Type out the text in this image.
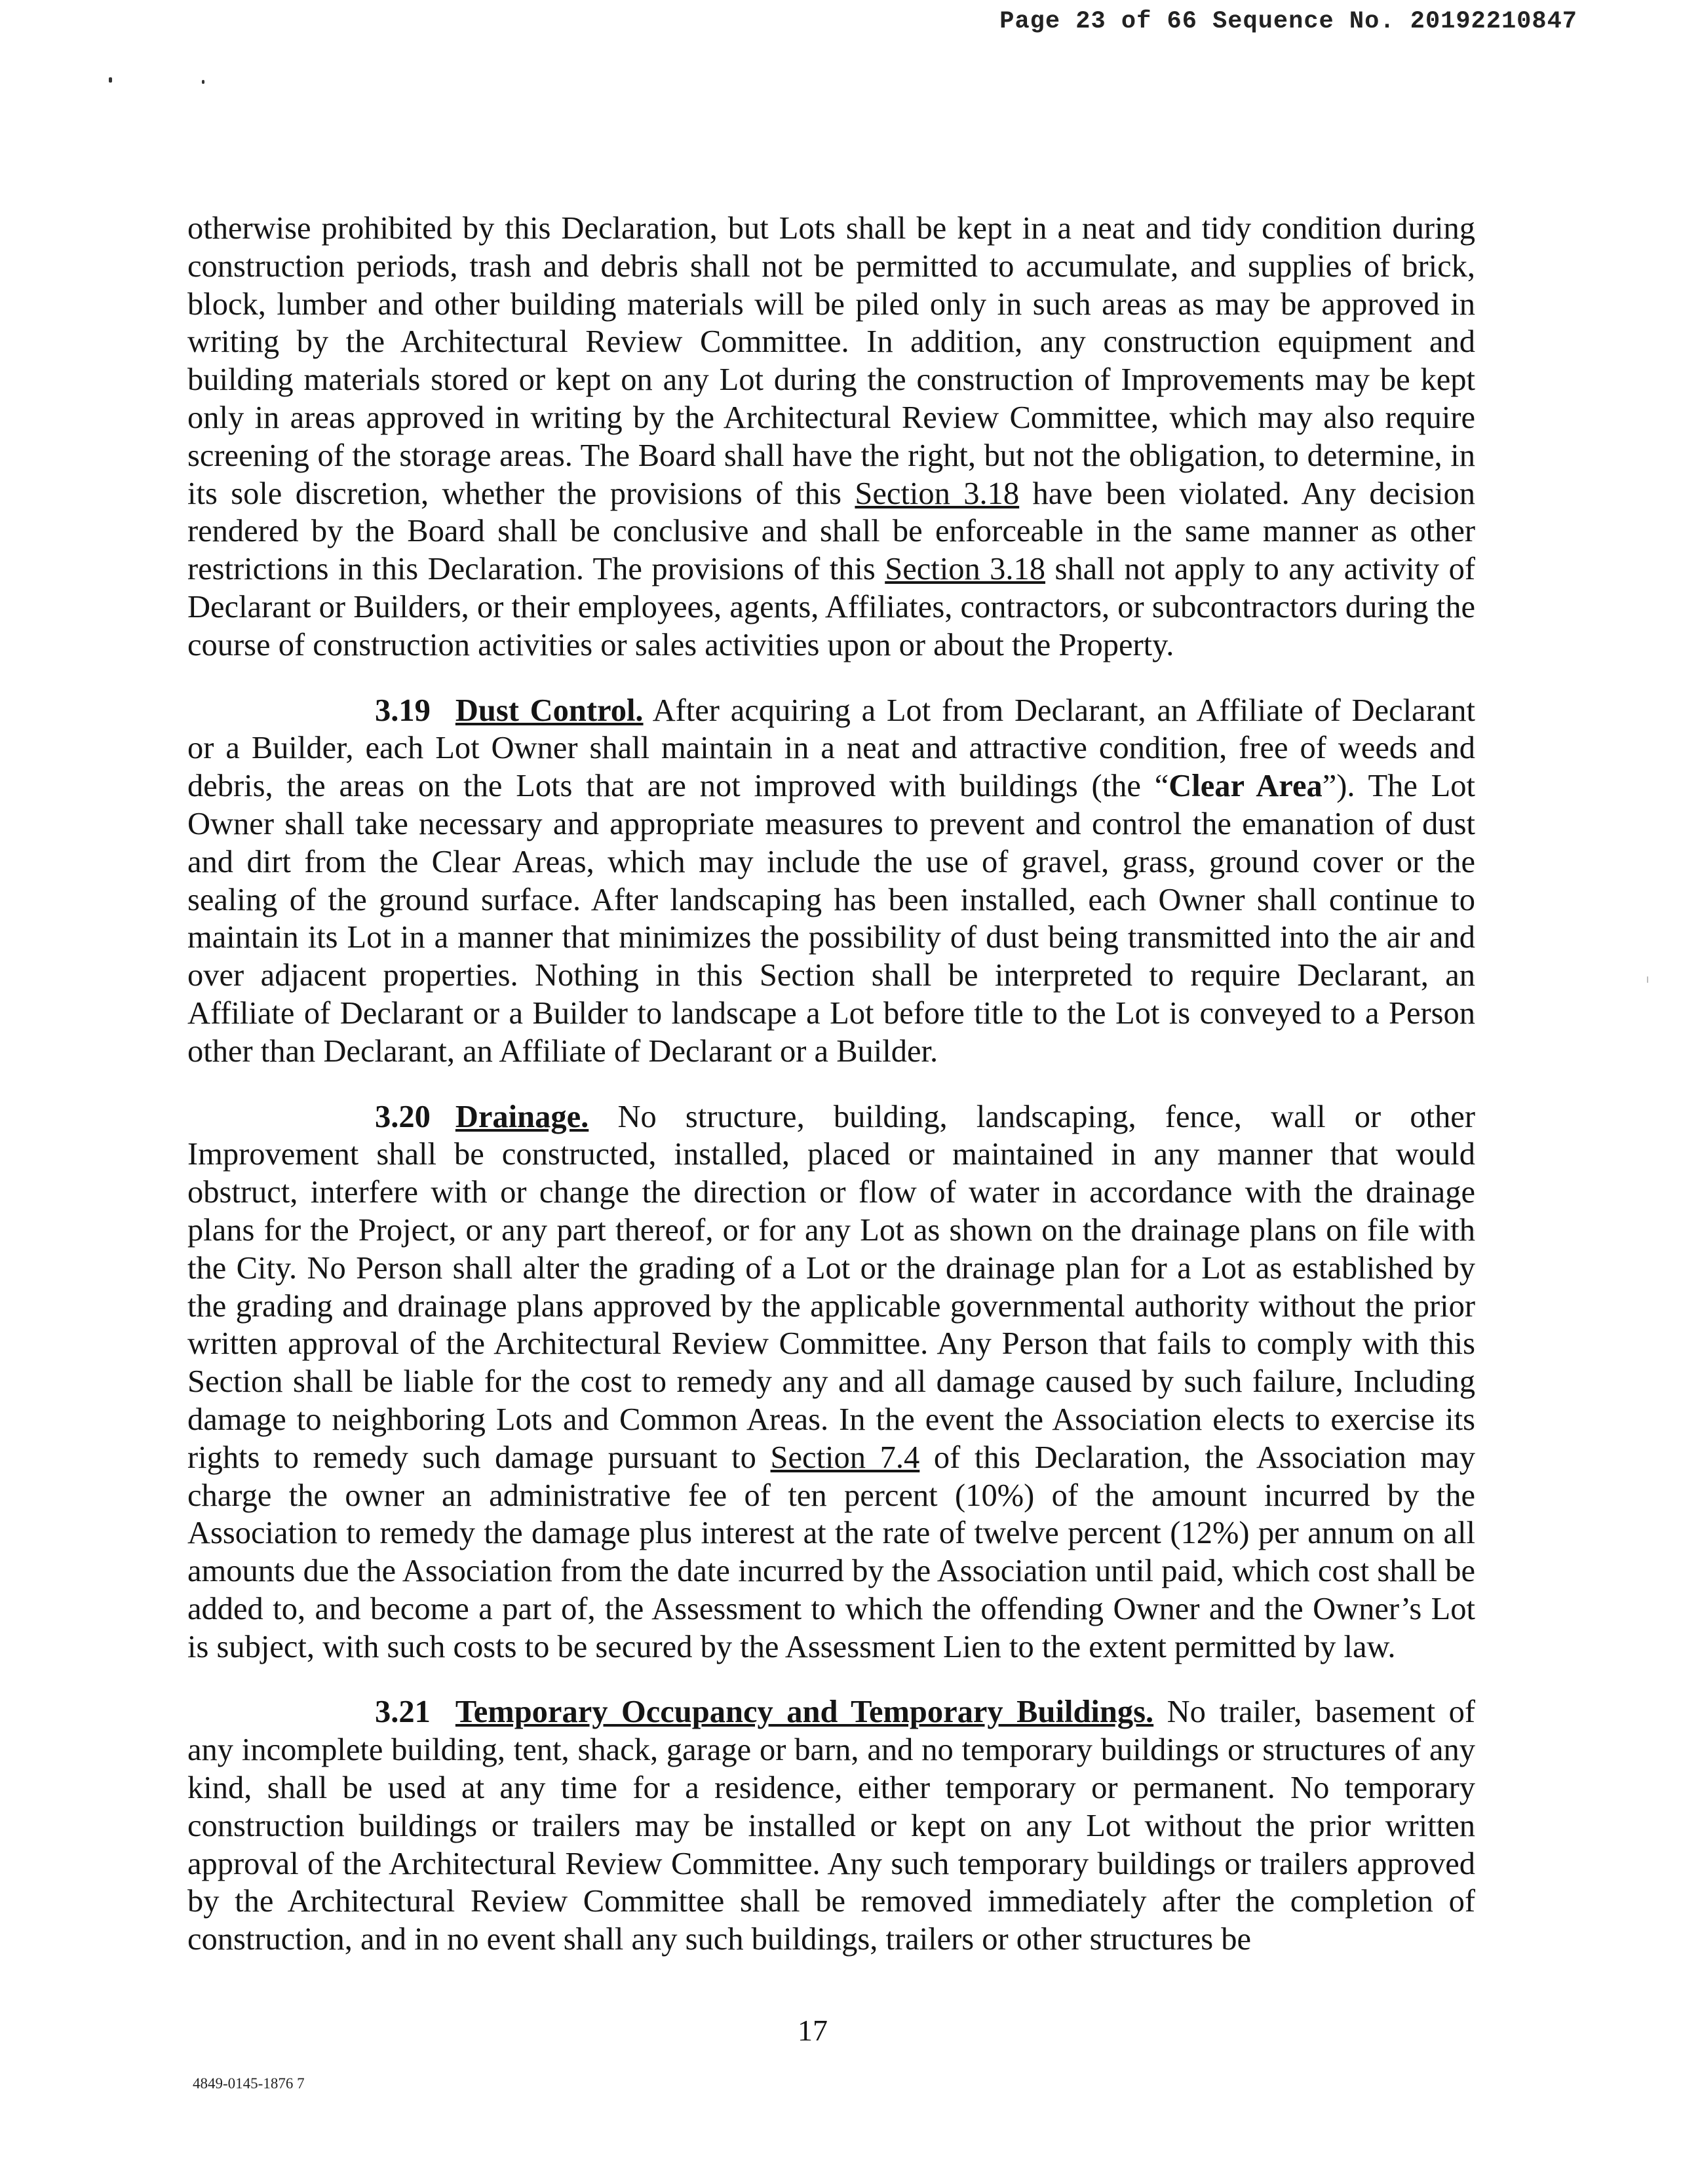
Page 23 of 66 Sequence No. 20192210847

otherwise prohibited by this Declaration, but Lots shall be kept in a neat and tidy condition during construction periods, trash and debris shall not be permitted to accumulate, and supplies of brick, block, lumber and other building materials will be piled only in such areas as may be approved in writing by the Architectural Review Committee. In addition, any construction equipment and building materials stored or kept on any Lot during the construction of Improvements may be kept only in areas approved in writing by the Architectural Review Committee, which may also require screening of the storage areas. The Board shall have the right, but not the obligation, to determine, in its sole discretion, whether the provisions of this Section 3.18 have been violated. Any decision rendered by the Board shall be conclusive and shall be enforceable in the same manner as other restrictions in this Declaration. The provisions of this Section 3.18 shall not apply to any activity of Declarant or Builders, or their employees, agents, Affiliates, contractors, or subcontractors during the course of construction activities or sales activities upon or about the Property.

3.19 Dust Control. After acquiring a Lot from Declarant, an Affiliate of Declarant or a Builder, each Lot Owner shall maintain in a neat and attractive condition, free of weeds and debris, the areas on the Lots that are not improved with buildings (the “Clear Area”). The Lot Owner shall take necessary and appropriate measures to prevent and control the emanation of dust and dirt from the Clear Areas, which may include the use of gravel, grass, ground cover or the sealing of the ground surface. After landscaping has been installed, each Owner shall continue to maintain its Lot in a manner that minimizes the possibility of dust being transmitted into the air and over adjacent properties. Nothing in this Section shall be interpreted to require Declarant, an Affiliate of Declarant or a Builder to landscape a Lot before title to the Lot is conveyed to a Person other than Declarant, an Affiliate of Declarant or a Builder.

3.20 Drainage. No structure, building, landscaping, fence, wall or other Improvement shall be constructed, installed, placed or maintained in any manner that would obstruct, interfere with or change the direction or flow of water in accordance with the drainage plans for the Project, or any part thereof, or for any Lot as shown on the drainage plans on file with the City. No Person shall alter the grading of a Lot or the drainage plan for a Lot as established by the grading and drainage plans approved by the applicable governmental authority without the prior written approval of the Architectural Review Committee. Any Person that fails to comply with this Section shall be liable for the cost to remedy any and all damage caused by such failure, Including damage to neighboring Lots and Common Areas. In the event the Association elects to exercise its rights to remedy such damage pursuant to Section 7.4 of this Declaration, the Association may charge the owner an administrative fee of ten percent (10%) of the amount incurred by the Association to remedy the damage plus interest at the rate of twelve percent (12%) per annum on all amounts due the Association from the date incurred by the Association until paid, which cost shall be added to, and become a part of, the Assessment to which the offending Owner and the Owner’s Lot is subject, with such costs to be secured by the Assessment Lien to the extent permitted by law.

3.21 Temporary Occupancy and Temporary Buildings. No trailer, basement of any incomplete building, tent, shack, garage or barn, and no temporary buildings or structures of any kind, shall be used at any time for a residence, either temporary or permanent. No temporary construction buildings or trailers may be installed or kept on any Lot without the prior written approval of the Architectural Review Committee. Any such temporary buildings or trailers approved by the Architectural Review Committee shall be removed immediately after the completion of construction, and in no event shall any such buildings, trailers or other structures be

17
4849-0145-1876 7
